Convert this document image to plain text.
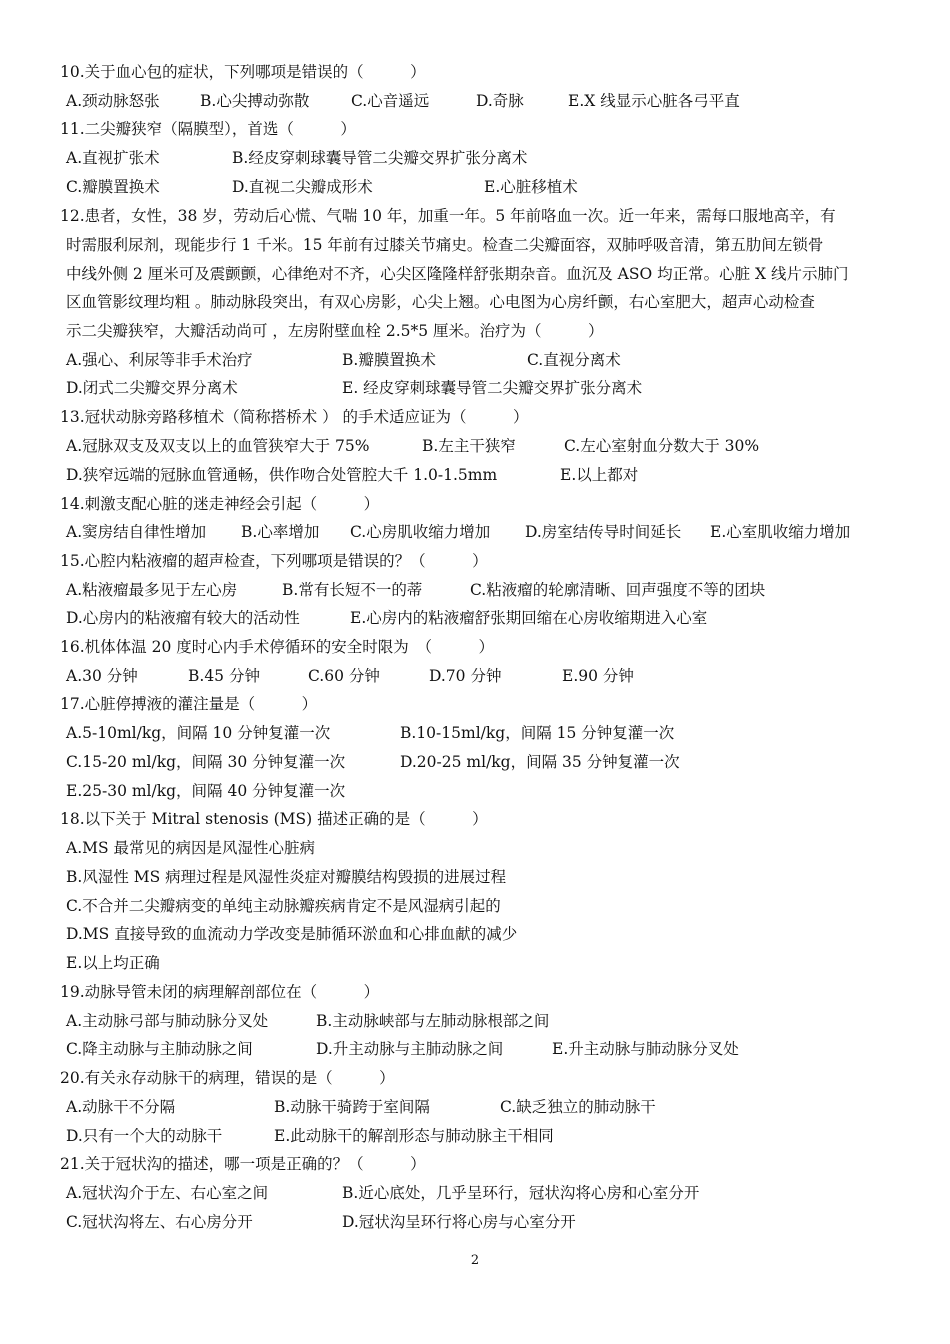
10.关于血心包的症状，下列哪项是错误的（　　　）
A.颈动脉怒张	B.心尖搏动弥散	C.心音遥远	D.奇脉	E.X 线显示心脏各弓平直
11.二尖瓣狭窄（隔膜型），首选（　　　）
A.直视扩张术	B.经皮穿刺球囊导管二尖瓣交界扩张分离术
C.瓣膜置换术	D.直视二尖瓣成形术	E.心脏移植术
12.患者，女性，38 岁，劳动后心慌、气喘 10 年，加重一年。5 年前咯血一次。近一年来，需每口服地高辛，有
时需服利尿剂，现能步行 1 千米。15 年前有过膝关节痛史。检查二尖瓣面容，双肺呼吸音清，第五肋间左锁骨
中线外侧 2 厘米可及震颤颤，心律绝对不齐，心尖区隆隆样舒张期杂音。血沉及 ASO 均正常。心脏 X 线片示肺门
区血管影纹理均粗 。肺动脉段突出，有双心房影，心尖上翘。心电图为心房纤颤，右心室肥大，超声心动检查
示二尖瓣狭窄，大瓣活动尚可 ，左房附壁血栓 2.5*5 厘米。治疗为（　　　）
A.强心、利尿等非手术治疗	B.瓣膜置换术	C.直视分离术
D.闭式二尖瓣交界分离术	E. 经皮穿刺球囊导管二尖瓣交界扩张分离术
13.冠状动脉旁路移植术（简称搭桥术 ） 的手术适应证为（　　　）
A.冠脉双支及双支以上的血管狭窄大于 75%	B.左主干狭窄	C.左心室射血分数大于 30%
D.狭窄远端的冠脉血管通畅，供作吻合处管腔大千 1.0-1.5mm	E.以上都对
14.刺激支配心脏的迷走神经会引起（　　　）
A.窦房结自律性增加 B.心率增加 C.心房肌收缩力增加 D.房室结传导时间延长 E.心室肌收缩力增加
15.心腔内粘液瘤的超声检查，下列哪项是错误的？（　　　）
A.粘液瘤最多见于左心房	B.常有长短不一的蒂	C.粘液瘤的轮廓清晰、回声强度不等的团块
D.心房内的粘液瘤有较大的活动性	E.心房内的粘液瘤舒张期回缩在心房收缩期进入心室
16.机体体温 20 度时心内手术停循环的安全时限为　（　　　）
A.30 分钟	B.45 分钟	C.60 分钟	D.70 分钟	E.90 分钟
17.心脏停搏液的灌注量是（　　　）
A.5-10ml/kg，间隔 10 分钟复灌一次	B.10-15ml/kg，间隔 15 分钟复灌一次
C.15-20 ml/kg，间隔 30 分钟复灌一次	D.20-25 ml/kg，间隔 35 分钟复灌一次
E.25-30 ml/kg，间隔 40 分钟复灌一次
18.以下关于 Mitral stenosis (MS) 描述正确的是（　　　）
A.MS 最常见的病因是风湿性心脏病
B.风湿性 MS 病理过程是风湿性炎症对瓣膜结构毁损的进展过程
C.不合并二尖瓣病变的单纯主动脉瓣疾病肯定不是风湿病引起的
D.MS 直接导致的血流动力学改变是肺循环淤血和心排血献的减少
E.以上均正确
19.动脉导管未闭的病理解剖部位在（　　　）
A.主动脉弓部与肺动脉分叉处	B.主动脉峡部与左肺动脉根部之间
C.降主动脉与主肺动脉之间	D.升主动脉与主肺动脉之间	E.升主动脉与肺动脉分叉处
20.有关永存动脉干的病理，错误的是（　　　）
A.动脉干不分隔	B.动脉干骑跨于室间隔	C.缺乏独立的肺动脉干
D.只有一个大的动脉干	E.此动脉干的解剖形态与肺动脉主干相同
21.关于冠状沟的描述，哪一项是正确的？（　　　）
A.冠状沟介于左、右心室之间	B.近心底处，几乎呈环行，冠状沟将心房和心室分开
C.冠状沟将左、右心房分开	D.冠状沟呈环行将心房与心室分开
2
